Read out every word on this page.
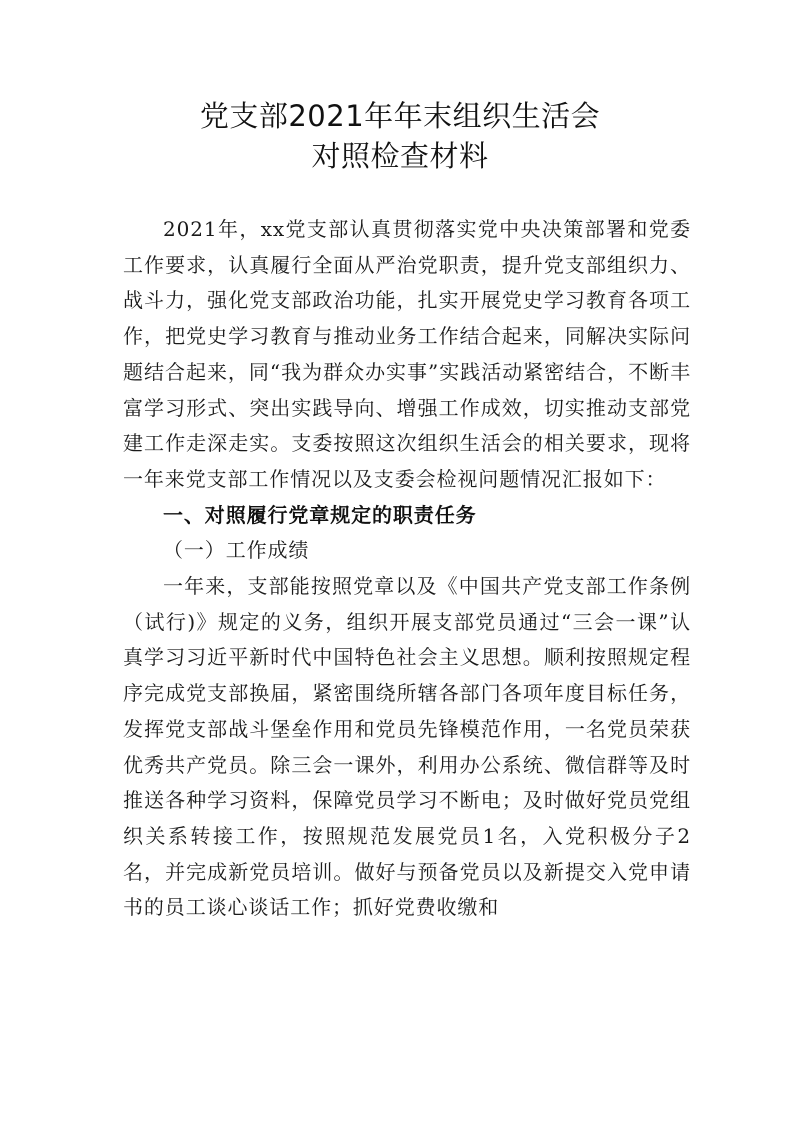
党支部2021年年末组织生活会
对照检查材料

2021年，xx党支部认真贯彻落实党中央决策部署和党委工作要求，认真履行全面从严治党职责，提升党支部组织力、战斗力，强化党支部政治功能，扎实开展党史学习教育各项工作，把党史学习教育与推动业务工作结合起来，同解决实际问题结合起来，同“我为群众办实事”实践活动紧密结合，不断丰富学习形式、突出实践导向、增强工作成效，切实推动支部党建工作走深走实。支委按照这次组织生活会的相关要求，现将一年来党支部工作情况以及支委会检视问题情况汇报如下：

一、对照履行党章规定的职责任务

（一）工作成绩

一年来，支部能按照党章以及《中国共产党支部工作条例（试行)》规定的义务，组织开展支部党员通过“三会一课”认真学习习近平新时代中国特色社会主义思想。顺利按照规定程序完成党支部换届，紧密围绕所辖各部门各项年度目标任务，发挥党支部战斗堡垒作用和党员先锋模范作用，一名党员荣获优秀共产党员。除三会一课外，利用办公系统、微信群等及时推送各种学习资料，保障党员学习不断电；及时做好党员党组织关系转接工作，按照规范发展党员1名，入党积极分子2名，并完成新党员培训。做好与预备党员以及新提交入党申请书的员工谈心谈话工作；抓好党费收缴和
